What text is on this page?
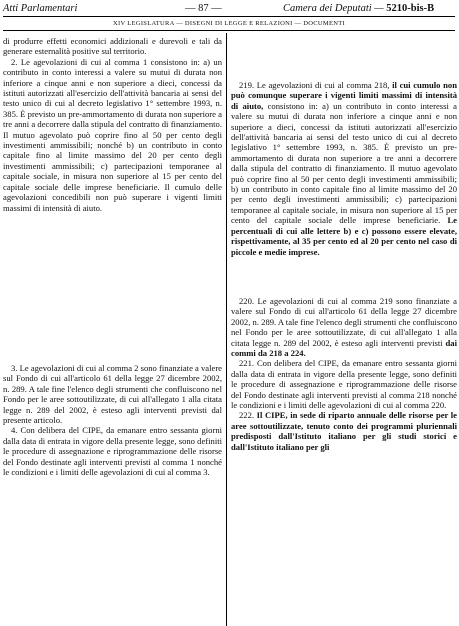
Atti Parlamentari	— 87 —	Camera dei Deputati — 5210-bis-B
XIV LEGISLATURA — DISEGNI DI LEGGE E RELAZIONI — DOCUMENTI

di produrre effetti economici addizionali e durevoli e tali da generare esternalità positive sul territorio.

2. Le agevolazioni di cui al comma 1 consistono in: a) un contributo in conto interessi a valere su mutui di durata non inferiore a cinque anni e non superiore a dieci, concessi da istituti autorizzati all'esercizio dell'attività bancaria ai sensi del testo unico di cui al decreto legislativo 1° settembre 1993, n. 385. È previsto un pre-ammortamento di durata non superiore a tre anni a decorrere dalla stipula del contratto di finanziamento. Il mutuo agevolato può coprire fino al 50 per cento degli investimenti ammissibili; nonché b) un contributo in conto capitale fino al limite massimo del 20 per cento degli investimenti ammissibili; c) partecipazioni temporanee al capitale sociale, in misura non superiore al 15 per cento del capitale sociale delle imprese beneficiarie. Il cumulo delle agevolazioni concedibili non può superare i vigenti limiti massimi di intensità di aiuto.

3. Le agevolazioni di cui al comma 2 sono finanziate a valere sul Fondo di cui all'articolo 61 della legge 27 dicembre 2002, n. 289. A tale fine l'elenco degli strumenti che confluiscono nel Fondo per le aree sottoutilizzate, di cui all'allegato 1 alla citata legge n. 289 del 2002, è esteso agli interventi previsti dal presente articolo.

4. Con delibera del CIPE, da emanare entro sessanta giorni dalla data di entrata in vigore della presente legge, sono definiti le procedure di assegnazione e riprogrammazione delle risorse del Fondo destinate agli interventi previsti al comma 1 nonché le condizioni e i limiti delle agevolazioni di cui al comma 3.

219. Le agevolazioni di cui al comma 218, il cui cumulo non può comunque superare i vigenti limiti massimi di intensità di aiuto, consistono in: a) un contributo in conto interessi a valere su mutui di durata non inferiore a cinque anni e non superiore a dieci, concessi da istituti autorizzati all'esercizio dell'attività bancaria ai sensi del testo unico di cui al decreto legislativo 1° settembre 1993, n. 385. È previsto un pre-ammortamento di durata non superiore a tre anni a decorrere dalla stipula del contratto di finanziamento. Il mutuo agevolato può coprire fino al 50 per cento degli investimenti ammissibili; b) un contributo in conto capitale fino al limite massimo del 20 per cento degli investimenti ammissibili; c) partecipazioni temporanee al capitale sociale, in misura non superiore al 15 per cento del capitale sociale delle imprese beneficiarie. Le percentuali di cui alle lettere b) e c) possono essere elevate, rispettivamente, al 35 per cento ed al 20 per cento nel caso di piccole e medie imprese.

220. Le agevolazioni di cui al comma 219 sono finanziate a valere sul Fondo di cui all'articolo 61 della legge 27 dicembre 2002, n. 289. A tale fine l'elenco degli strumenti che confluiscono nel Fondo per le aree sottoutilizzate, di cui all'allegato 1 alla citata legge n. 289 del 2002, è esteso agli interventi previsti dai commi da 218 a 224.

221. Con delibera del CIPE, da emanare entro sessanta giorni dalla data di entrata in vigore della presente legge, sono definiti le procedure di assegnazione e riprogrammazione delle risorse del Fondo destinate agli interventi previsti al comma 218 nonché le condizioni e i limiti delle agevolazioni di cui al comma 220.

222. Il CIPE, in sede di riparto annuale delle risorse per le aree sottoutilizzate, tenuto conto dei programmi pluriennali predisposti dall'Istituto italiano per gli studi storici e dall'Istituto italiano per gli
